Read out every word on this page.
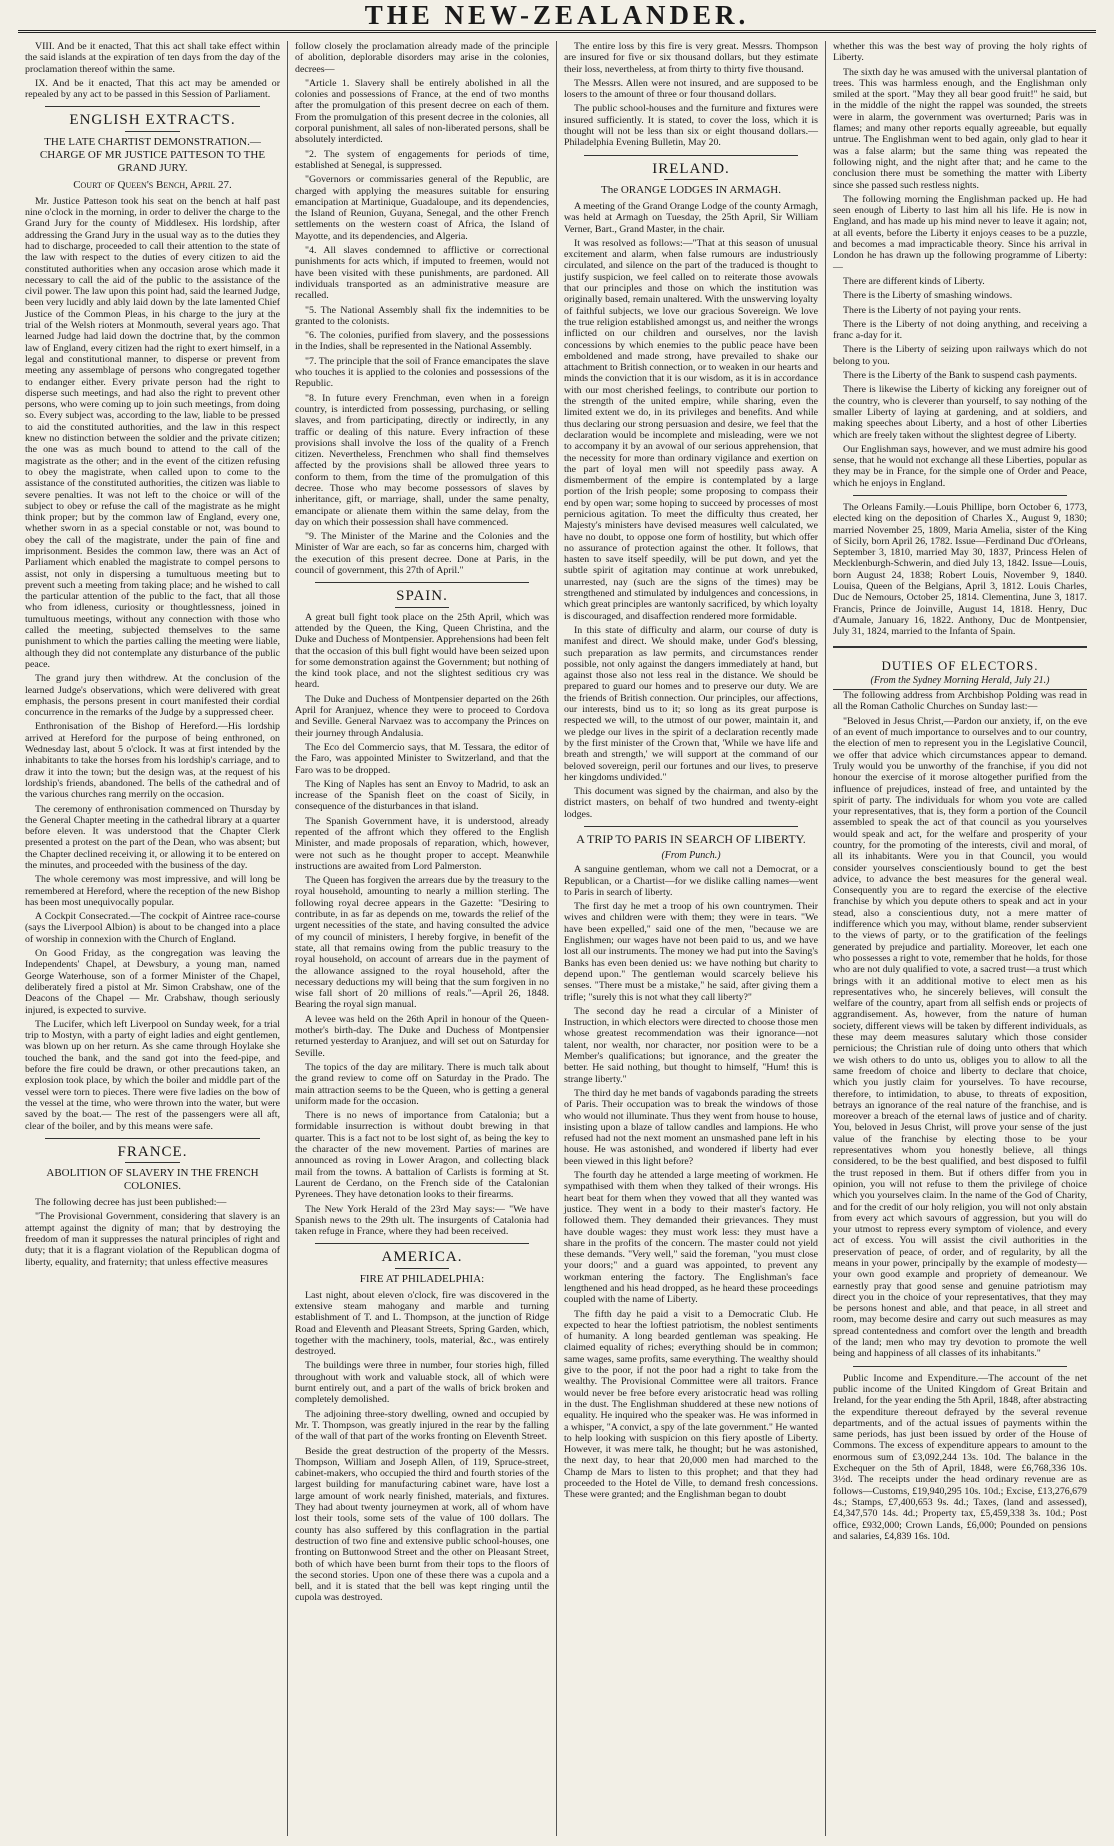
THE NEW-ZEALANDER.

VIII. And be it enacted, That this act shall take effect within the said islands at the expiration of ten days from the day of the proclamation thereof within the same.

IX. And be it enacted, That this act may be amended or repealed by any act to be passed in this Session of Parliament.

ENGLISH EXTRACTS.
THE LATE CHARTIST DEMONSTRATION.— CHARGE OF MR JUSTICE PATTESON TO THE GRAND JURY.
Court of Queen's Bench, April 27.

Mr. Justice Patteson took his seat on the bench at half past nine o'clock in the morning, in order to deliver the charge to the Grand Jury for the county of Middlesex. His lordship, after addressing the Grand Jury in the usual way as to the duties they had to discharge, proceeded to call their attention to the state of the law with respect to the duties of every citizen to aid the constituted authorities when any occasion arose which made it necessary to call the aid of the public to the assistance of the civil power. The law upon this point had, said the learned Judge, been very lucidly and ably laid down by the late lamented Chief Justice of the Common Pleas, in his charge to the jury at the trial of the Welsh rioters at Monmouth, several years ago. That learned Judge had laid down the doctrine that, by the common law of England, every citizen had the right to exert himself, in a legal and constitutional manner, to disperse or prevent from meeting any assemblage of persons who congregated together to endanger either. Every private person had the right to disperse such meetings, and had also the right to prevent other persons, who were coming up to join such meetings, from doing so. Every subject was, according to the law, liable to be pressed to aid the constituted authorities, and the law in this respect knew no distinction between the soldier and the private citizen; the one was as much bound to attend to the call of the magistrate as the other; and in the event of the citizen refusing to obey the magistrate, when called upon to come to the assistance of the constituted authorities, the citizen was liable to severe penalties. It was not left to the choice or will of the subject to obey or refuse the call of the magistrate as he might think proper; but by the common law of England, every one, whether sworn in as a special constable or not, was bound to obey the call of the magistrate, under the pain of fine and imprisonment. Besides the common law, there was an Act of Parliament which enabled the magistrate to compel persons to assist, not only in dispersing a tumultuous meeting but to prevent such a meeting from taking place; and he wished to call the particular attention of the public to the fact, that all those who from idleness, curiosity or thoughtlessness, joined in tumultuous meetings, without any connection with those who called the meeting, subjected themselves to the same punishment to which the parties calling the meeting were liable, although they did not contemplate any disturbance of the public peace.

The grand jury then withdrew. At the conclusion of the learned Judge's observations, which were delivered with great emphasis, the persons present in court manifested their cordial concurrence in the remarks of the Judge by a suppressed cheer.

Enthronisation of the Bishop of Hereford.—His lordship arrived at Hereford for the purpose of being enthroned, on Wednesday last, about 5 o'clock. It was at first intended by the inhabitants to take the horses from his lordship's carriage, and to draw it into the town; but the design was, at the request of his lordship's friends, abandoned. The bells of the cathedral and of the various churches rang merrily on the occasion.

The ceremony of enthronisation commenced on Thursday by the General Chapter meeting in the cathedral library at a quarter before eleven. It was understood that the Chapter Clerk presented a protest on the part of the Dean, who was absent; but the Chapter declined receiving it, or allowing it to be entered on the minutes, and proceeded with the business of the day.

The whole ceremony was most impressive, and will long be remembered at Hereford, where the reception of the new Bishop has been most unequivocally popular.

A Cockpit Consecrated.—The cockpit of Aintree race-course (says the Liverpool Albion) is about to be changed into a place of worship in connexion with the Church of England.

On Good Friday, as the congregation was leaving the Independents' Chapel, at Dewsbury, a young man, named George Waterhouse, son of a former Minister of the Chapel, deliberately fired a pistol at Mr. Simon Crabshaw, one of the Deacons of the Chapel — Mr. Crabshaw, though seriously injured, is expected to survive.

The Lucifer, which left Liverpool on Sunday week, for a trial trip to Mostyn, with a party of eight ladies and eight gentlemen, was blown up on her return. As she came through Hoylake she touched the bank, and the sand got into the feed-pipe, and before the fire could be drawn, or other precautions taken, an explosion took place, by which the boiler and middle part of the vessel were torn to pieces. There were five ladies on the bow of the vessel at the time, who were thrown into the water, but were saved by the boat.— The rest of the passengers were all aft, clear of the boiler, and by this means were safe.

FRANCE.
ABOLITION OF SLAVERY IN THE FRENCH COLONIES.

The following decree has just been published:—

"The Provisional Government, considering that slavery is an attempt against the dignity of man; that by destroying the freedom of man it suppresses the natural principles of right and duty; that it is a flagrant violation of the Republican dogma of liberty, equality, and fraternity; that unless effective measures

follow closely the proclamation already made of the principle of abolition, deplorable disorders may arise in the colonies, decrees—

"Article 1. Slavery shall be entirely abolished in all the colonies and possessions of France, at the end of two months after the promulgation of this present decree on each of them. From the promulgation of this present decree in the colonies, all corporal punishment, all sales of non-liberated persons, shall be absolutely interdicted.

"2. The system of engagements for periods of time, established at Senegal, is suppressed.

"Governors or commissaries general of the Republic, are charged with applying the measures suitable for ensuring emancipation at Martinique, Guadaloupe, and its dependencies, the Island of Reunion, Guyana, Senegal, and the other French settlements on the western coast of Africa, the Island of Mayotte, and its dependencies, and Algeria.

"4. All slaves condemned to afflictive or correctional punishments for acts which, if imputed to freemen, would not have been visited with these punishments, are pardoned. All individuals transported as an administrative measure are recalled.

"5. The National Assembly shall fix the indemnities to be granted to the colonists.

"6. The colonies, purified from slavery, and the possessions in the Indies, shall be represented in the National Assembly.

"7. The principle that the soil of France emancipates the slave who touches it is applied to the colonies and possessions of the Republic.

"8. In future every Frenchman, even when in a foreign country, is interdicted from possessing, purchasing, or selling slaves, and from participating, directly or indirectly, in any traffic or dealing of this nature. Every infraction of these provisions shall involve the loss of the quality of a French citizen. Nevertheless, Frenchmen who shall find themselves affected by the provisions shall be allowed three years to conform to them, from the time of the promulgation of this decree. Those who may become possessors of slaves by inheritance, gift, or marriage, shall, under the same penalty, emancipate or alienate them within the same delay, from the day on which their possession shall have commenced.

"9. The Minister of the Marine and the Colonies and the Minister of War are each, so far as concerns him, charged with the execution of this present decree. Done at Paris, in the council of government, this 27th of April."

SPAIN.

A great bull fight took place on the 25th April, which was attended by the Queen, the King, Queen Christina, and the Duke and Duchess of Montpensier. Apprehensions had been felt that the occasion of this bull fight would have been seized upon for some demonstration against the Government; but nothing of the kind took place, and not the slightest seditious cry was heard.

The Duke and Duchess of Montpensier departed on the 26th April for Aranjuez, whence they were to proceed to Cordova and Seville. General Narvaez was to accompany the Princes on their journey through Andalusia.

The Eco del Commercio says, that M. Tessara, the editor of the Faro, was appointed Minister to Switzerland, and that the Faro was to be dropped.

The King of Naples has sent an Envoy to Madrid, to ask an increase of the Spanish fleet on the coast of Sicily, in consequence of the disturbances in that island.

The Spanish Government have, it is understood, already repented of the affront which they offered to the English Minister, and made proposals of reparation, which, however, were not such as he thought proper to accept. Meanwhile instructions are awaited from Lord Palmerston.

The Queen has forgiven the arrears due by the treasury to the royal household, amounting to nearly a million sterling. The following royal decree appears in the Gazette: "Desiring to contribute, in as far as depends on me, towards the relief of the urgent necessities of the state, and having consulted the advice of my council of ministers, I hereby forgive, in benefit of the state, all that remains owing from the public treasury to the royal household, on account of arrears due in the payment of the allowance assigned to the royal household, after the necessary deductions my will being that the sum forgiven in no wise fall short of 20 millions of reals."—April 26, 1848. Bearing the royal sign manual.

A levee was held on the 26th April in honour of the Queen-mother's birth-day. The Duke and Duchess of Montpensier returned yesterday to Aranjuez, and will set out on Saturday for Seville.

The topics of the day are military. There is much talk about the grand review to come off on Saturday in the Prado. The main attraction seems to be the Queen, who is getting a general uniform made for the occasion.

There is no news of importance from Catalonia; but a formidable insurrection is without doubt brewing in that quarter. This is a fact not to be lost sight of, as being the key to the character of the new movement. Parties of marines are announced as roving in Lower Aragon, and collecting black mail from the towns. A battalion of Carlists is forming at St. Laurent de Cerdano, on the French side of the Catalonian Pyrenees. They have detonation looks to their firearms.

The New York Herald of the 23rd May says:— "We have Spanish news to the 29th ult. The insurgents of Catalonia had taken refuge in France, where they had been received.

AMERICA.
FIRE AT PHILADELPHIA:

Last night, about eleven o'clock, fire was discovered in the extensive steam mahogany and marble and turning establishment of T. and L. Thompson, at the junction of Ridge Road and Eleventh and Pleasant Streets, Spring Garden, which, together with the machinery, tools, material, &c., was entirely destroyed.

The buildings were three in number, four stories high, filled throughout with work and valuable stock, all of which were burnt entirely out, and a part of the walls of brick broken and completely demolished.

The adjoining three-story dwelling, owned and occupied by Mr. T. Thompson, was greatly injured in the rear by the falling of the wall of that part of the works fronting on Eleventh Street.

Beside the great destruction of the property of the Messrs. Thompson, William and Joseph Allen, of 119, Spruce-street, cabinet-makers, who occupied the third and fourth stories of the largest building for manufacturing cabinet ware, have lost a large amount of work nearly finished, materials, and fixtures. They had about twenty journeymen at work, all of whom have lost their tools, some sets of the value of 100 dollars. The county has also suffered by this conflagration in the partial destruction of two fine and extensive public school-houses, one fronting on Buttonwood Street and the other on Pleasant Street, both of which have been burnt from their tops to the floors of the second stories. Upon one of these there was a cupola and a bell, and it is stated that the bell was kept ringing until the cupola was destroyed.

The entire loss by this fire is very great. Messrs. Thompson are insured for five or six thousand dollars, but they estimate their loss, nevertheless, at from thirty to thirty five thousand.

The Messrs. Allen were not insured, and are supposed to be losers to the amount of three or four thousand dollars.

The public school-houses and the furniture and fixtures were insured sufficiently. It is stated, to cover the loss, which it is thought will not be less than six or eight thousand dollars.—Philadelphia Evening Bulletin, May 20.

IRELAND.
The ORANGE LODGES IN ARMAGH.

A meeting of the Grand Orange Lodge of the county Armagh, was held at Armagh on Tuesday, the 25th April, Sir William Verner, Bart., Grand Master, in the chair.

It was resolved as follows:—"That at this season of unusual excitement and alarm, when false rumours are industriously circulated, and silence on the part of the traduced is thought to justify suspicion, we feel called on to reiterate those avowals that our principles and those on which the institution was originally based, remain unaltered. With the unswerving loyalty of faithful subjects, we love our gracious Sovereign. We love the true religion established amongst us, and neither the wrongs inflicted on our children and ourselves, nor the lavish concessions by which enemies to the public peace have been emboldened and made strong, have prevailed to shake our attachment to British connection, or to weaken in our hearts and minds the conviction that it is our wisdom, as it is in accordance with our most cherished feelings, to contribute our portion to the strength of the united empire, while sharing, even the limited extent we do, in its privileges and benefits. And while thus declaring our strong persuasion and desire, we feel that the declaration would be incomplete and misleading, were we not to accompany it by an avowal of our serious apprehension, that the necessity for more than ordinary vigilance and exertion on the part of loyal men will not speedily pass away. A dismemberment of the empire is contemplated by a large portion of the Irish people; some proposing to compass their end by open war; some hoping to succeed by processes of most pernicious agitation. To meet the difficulty thus created, her Majesty's ministers have devised measures well calculated, we have no doubt, to oppose one form of hostility, but which offer no assurance of protection against the other. It follows, that hasten to save itself speedily, will be put down, and yet the subtle spirit of agitation may continue at work unrebuked, unarrested, nay (such are the signs of the times) may be strengthened and stimulated by indulgences and concessions, in which great principles are wantonly sacrificed, by which loyalty is discouraged, and disaffection rendered more formidable.

In this state of difficulty and alarm, our course of duty is manifest and direct. We should make, under God's blessing, such preparation as law permits, and circumstances render possible, not only against the dangers immediately at hand, but against those also not less real in the distance. We should be prepared to guard our homes and to preserve our duty. We are the friends of British connection. Our principles, our affections, our interests, bind us to it; so long as its great purpose is respected we will, to the utmost of our power, maintain it, and we pledge our lives in the spirit of a declaration recently made by the first minister of the Crown that, 'While we have life and breath and strength,' we will support at the command of our beloved sovereign, peril our fortunes and our lives, to preserve her kingdoms undivided."

This document was signed by the chairman, and also by the district masters, on behalf of two hundred and twenty-eight lodges.

A TRIP TO PARIS IN SEARCH OF LIBERTY.
(From Punch.)

A sanguine gentleman, whom we call not a Democrat, or a Republican, or a Chartist—for we dislike calling names—went to Paris in search of liberty.

The first day he met a troop of his own countrymen. Their wives and children were with them; they were in tears. "We have been expelled," said one of the men, "because we are Englishmen; our wages have not been paid to us, and we have lost all our instruments. The money we had put into the Saving's Banks has even been denied us: we have nothing but charity to depend upon." The gentleman would scarcely believe his senses. "There must be a mistake," he said, after giving them a trifle; "surely this is not what they call liberty?"

The second day he read a circular of a Minister of Instruction, in which electors were directed to choose those men whose greatest recommendation was their ignorance—not talent, nor wealth, nor character, nor position were to be a Member's qualifications; but ignorance, and the greater the better. He said nothing, but thought to himself, "Hum! this is strange liberty."

The third day he met bands of vagabonds parading the streets of Paris. Their occupation was to break the windows of those who would not illuminate. Thus they went from house to house, insisting upon a blaze of tallow candles and lampions. He who refused had not the next moment an unsmashed pane left in his house. He was astonished, and wondered if liberty had ever been viewed in this light before?

The fourth day he attended a large meeting of workmen. He sympathised with them when they talked of their wrongs. His heart beat for them when they vowed that all they wanted was justice. They went in a body to their master's factory. He followed them. They demanded their grievances. They must have double wages: they must work less: they must have a share in the profits of the concern. The master could not yield these demands. "Very well," said the foreman, "you must close your doors;" and a guard was appointed, to prevent any workman entering the factory. The Englishman's face lengthened and his head dropped, as he heard these proceedings coupled with the name of Liberty.

The fifth day he paid a visit to a Democratic Club. He expected to hear the loftiest patriotism, the noblest sentiments of humanity. A long bearded gentleman was speaking. He claimed equality of riches; everything should be in common; same wages, same profits, same everything. The wealthy should give to the poor, if not the poor had a right to take from the wealthy. The Provisional Committee were all traitors. France would never be free before every aristocratic head was rolling in the dust. The Englishman shuddered at these new notions of equality. He inquired who the speaker was. He was informed in a whisper, "A convict, a spy of the late government." He wanted to help looking with suspicion on this fiery apostle of Liberty. However, it was mere talk, he thought; but he was astonished, the next day, to hear that 20,000 men had marched to the Champ de Mars to listen to this prophet; and that they had proceeded to the Hotel de Ville, to demand fresh concessions. These were granted; and the Englishman began to doubt

whether this was the best way of proving the holy rights of Liberty.

The sixth day he was amused with the universal plantation of trees. This was harmless enough, and the Englishman only smiled at the sport. "May they all bear good fruit!" he said, but in the middle of the night the rappel was sounded, the streets were in alarm, the government was overturned; Paris was in flames; and many other reports equally agreeable, but equally untrue. The Englishman went to bed again, only glad to hear it was a false alarm; but the same thing was repeated the following night, and the night after that; and he came to the conclusion there must be something the matter with Liberty since she passed such restless nights.

The following morning the Englishman packed up. He had seen enough of Liberty to last him all his life. He is now in England, and has made up his mind never to leave it again; not, at all events, before the Liberty it enjoys ceases to be a puzzle, and becomes a mad impracticable theory. Since his arrival in London he has drawn up the following programme of Liberty:—

There are different kinds of Liberty.

There is the Liberty of smashing windows.

There is the Liberty of not paying your rents.

There is the Liberty of not doing anything, and receiving a franc a-day for it.

There is the Liberty of seizing upon railways which do not belong to you.

There is the Liberty of the Bank to suspend cash payments.

There is likewise the Liberty of kicking any foreigner out of the country, who is cleverer than yourself, to say nothing of the smaller Liberty of laying at gardening, and at soldiers, and making speeches about Liberty, and a host of other Liberties which are freely taken without the slightest degree of Liberty.

Our Englishman says, however, and we must admire his good sense, that he would not exchange all these Liberties, popular as they may be in France, for the simple one of Order and Peace, which he enjoys in England.

The Orleans Family.—Louis Phillipe, born October 6, 1773, elected king on the deposition of Charles X., August 9, 1830; married November 25, 1809, Maria Amelia, sister of the King of Sicily, born April 26, 1782. Issue—Ferdinand Duc d'Orleans, September 3, 1810, married May 30, 1837, Princess Helen of Mecklenburgh-Schwerin, and died July 13, 1842. Issue—Louis, born August 24, 1838; Robert Louis, November 9, 1840. Louisa, Queen of the Belgians, April 3, 1812. Louis Charles, Duc de Nemours, October 25, 1814. Clementina, June 3, 1817. Francis, Prince de Joinville, August 14, 1818. Henry, Duc d'Aumale, January 16, 1822. Anthony, Duc de Montpensier, July 31, 1824, married to the Infanta of Spain.

DUTIES OF ELECTORS.
(From the Sydney Morning Herald, July 21.)

The following address from Archbishop Polding was read in all the Roman Catholic Churches on Sunday last:—

"Beloved in Jesus Christ,—Pardon our anxiety, if, on the eve of an event of much importance to ourselves and to our country, the election of men to represent you in the Legislative Council, we offer that advice which circumstances appear to demand. Truly would you be unworthy of the franchise, if you did not honour the exercise of it morose altogether purified from the influence of prejudices, instead of free, and untainted by the spirit of party. The individuals for whom you vote are called your representatives, that is, they form a portion of the Council assembled to speak the act of that council as you yourselves would speak and act, for the welfare and prosperity of your country, for the promoting of the interests, civil and moral, of all its inhabitants. Were you in that Council, you would consider yourselves conscientiously bound to get the best advice, to advance the best measures for the general weal. Consequently you are to regard the exercise of the elective franchise by which you depute others to speak and act in your stead, also a conscientious duty, not a mere matter of indifference which you may, without blame, render subservient to the views of party, or to the gratification of the feelings generated by prejudice and partiality. Moreover, let each one who possesses a right to vote, remember that he holds, for those who are not duly qualified to vote, a sacred trust—a trust which brings with it an additional motive to elect men as his representatives who, he sincerely believes, will consult the welfare of the country, apart from all selfish ends or projects of aggrandisement. As, however, from the nature of human society, different views will be taken by different individuals, as these may deem measures salutary which those consider pernicious; the Christian rule of doing unto others that which we wish others to do unto us, obliges you to allow to all the same freedom of choice and liberty to declare that choice, which you justly claim for yourselves. To have recourse, therefore, to intimidation, to abuse, to threats of exposition, betrays an ignorance of the real nature of the franchise, and is moreover a breach of the eternal laws of justice and of charity. You, beloved in Jesus Christ, will prove your sense of the just value of the franchise by electing those to be your representatives whom you honestly believe, all things considered, to be the best qualified, and best disposed to fulfil the trust reposed in them. But if others differ from you in opinion, you will not refuse to them the privilege of choice which you yourselves claim. In the name of the God of Charity, and for the credit of our holy religion, you will not only abstain from every act which savours of aggression, but you will do your utmost to repress every symptom of violence, and every act of excess. You will assist the civil authorities in the preservation of peace, of order, and of regularity, by all the means in your power, principally by the example of modesty—your own good example and propriety of demeanour. We earnestly pray that good sense and genuine patriotism may direct you in the choice of your representatives, that they may be persons honest and able, and that peace, in all street and room, may become desire and carry out such measures as may spread contentedness and comfort over the length and breadth of the land; men who may try devotion to promote the well being and happiness of all classes of its inhabitants."

Public Income and Expenditure.—The account of the net public income of the United Kingdom of Great Britain and Ireland, for the year ending the 5th April, 1848, after abstracting the expenditure thereout defrayed by the several revenue departments, and of the actual issues of payments within the same periods, has just been issued by order of the House of Commons. The excess of expenditure appears to amount to the enormous sum of £3,092,244 13s. 10d. The balance in the Exchequer on the 5th of April, 1848, were £6,768,336 10s. 3½d. The receipts under the head ordinary revenue are as follows—Customs, £19,940,295 10s. 10d.; Excise, £13,276,679 4s.; Stamps, £7,400,653 9s. 4d.; Taxes, (land and assessed), £4,347,570 14s. 4d.; Property tax, £5,459,338 3s. 10d.; Post office, £932,000; Crown Lands, £6,000; Pounded on pensions and salaries, £4,839 16s. 10d.
